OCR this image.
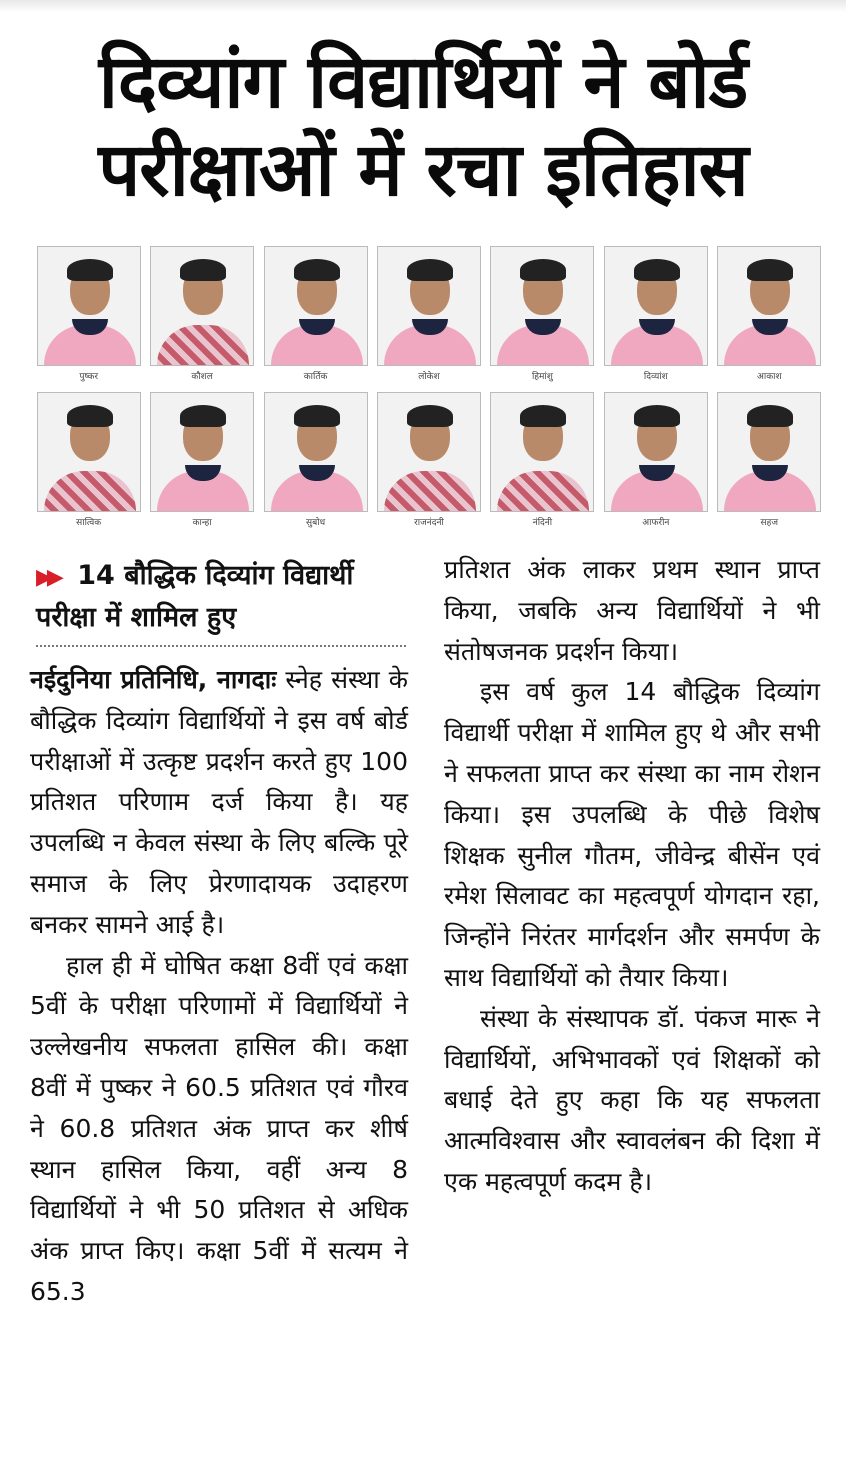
दिव्यांग विद्यार्थियों ने बोर्ड
परीक्षाओं में रचा इतिहास
पुष्कर	कौशल	कार्तिक	लोकेश	हिमांशु	दिव्यांश	आकाश
सात्विक	कान्हा	सुबोध	राजनंदनी	नंदिनी	आफरीन	सहज
▶▶ 14 बौद्धिक दिव्यांग विद्यार्थी परीक्षा में शामिल हुए

नईदुनिया प्रतिनिधि, नागदाः स्नेह संस्था के बौद्धिक दिव्यांग विद्यार्थियों ने इस वर्ष बोर्ड परीक्षाओं में उत्कृष्ट प्रदर्शन करते हुए 100 प्रतिशत परिणाम दर्ज किया है। यह उपलब्धि न केवल संस्था के लिए बल्कि पूरे समाज के लिए प्रेरणादायक उदाहरण बनकर सामने आई है।

हाल ही में घोषित कक्षा 8वीं एवं कक्षा 5वीं के परीक्षा परिणामों में विद्यार्थियों ने उल्लेखनीय सफलता हासिल की। कक्षा 8वीं में पुष्कर ने 60.5 प्रतिशत एवं गौरव ने 60.8 प्रतिशत अंक प्राप्त कर शीर्ष स्थान हासिल किया, वहीं अन्य 8 विद्यार्थियों ने भी 50 प्रतिशत से अधिक अंक प्राप्त किए। कक्षा 5वीं में सत्यम ने 65.3

प्रतिशत अंक लाकर प्रथम स्थान प्राप्त किया, जबकि अन्य विद्यार्थियों ने भी संतोषजनक प्रदर्शन किया।

इस वर्ष कुल 14 बौद्धिक दिव्यांग विद्यार्थी परीक्षा में शामिल हुए थे और सभी ने सफलता प्राप्त कर संस्था का नाम रोशन किया। इस उपलब्धि के पीछे विशेष शिक्षक सुनील गौतम, जीवेन्द्र बीसेंन एवं रमेश सिलावट का महत्वपूर्ण योगदान रहा, जिन्होंने निरंतर मार्गदर्शन और समर्पण के साथ विद्यार्थियों को तैयार किया।

संस्था के संस्थापक डॉ. पंकज मारू ने विद्यार्थियों, अभिभावकों एवं शिक्षकों को बधाई देते हुए कहा कि यह सफलता आत्मविश्वास और स्वावलंबन की दिशा में एक महत्वपूर्ण कदम है।
